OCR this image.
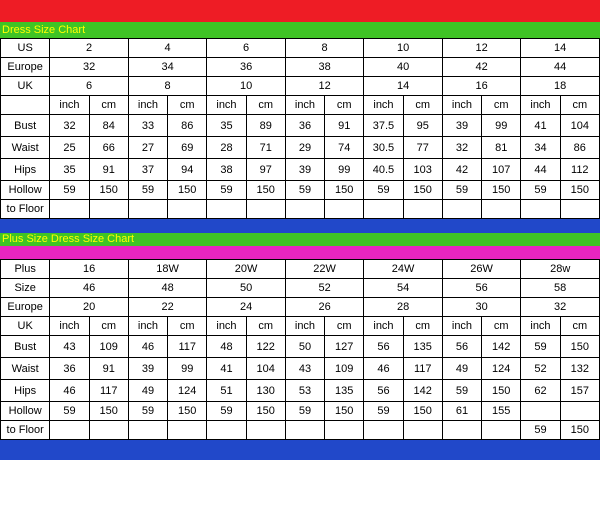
Dress Size Chart
US	2		4		6		8		10		12		14	
Europe	32		34		36		38		40		42		44	
UK	6		8		10		12		14		16		18	
	inch	cm	inch	cm	inch	cm	inch	cm	inch	cm	inch	cm	inch	cm
Bust	32	84	33	86	35	89	36	91	37.5	95	39	99	41	104
Waist	25	66	27	69	28	71	29	74	30.5	77	32	81	34	86
Hips	35	91	37	94	38	97	39	99	40.5	103	42	107	44	112
Hollow	59	150	59	150	59	150	59	150	59	150	59	150	59	150
to Floor														
Plus Size Dress Size Chart
Plus	16		18W		20W		22W		24W		26W		28w	
Size	46		48		50		52		54		56		58	
Europe	20		22		24		26		28		30		32	
UK	inch	cm	inch	cm	inch	cm	inch	cm	inch	cm	inch	cm	inch	cm
Bust	43	109	46	117	48	122	50	127	56	135	56	142	59	150
Waist	36	91	39	99	41	104	43	109	46	117	49	124	52	132
Hips	46	117	49	124	51	130	53	135	56	142	59	150	62	157
Hollow	59	150	59	150	59	150	59	150	59	150	61	155		
to Floor													59	150
